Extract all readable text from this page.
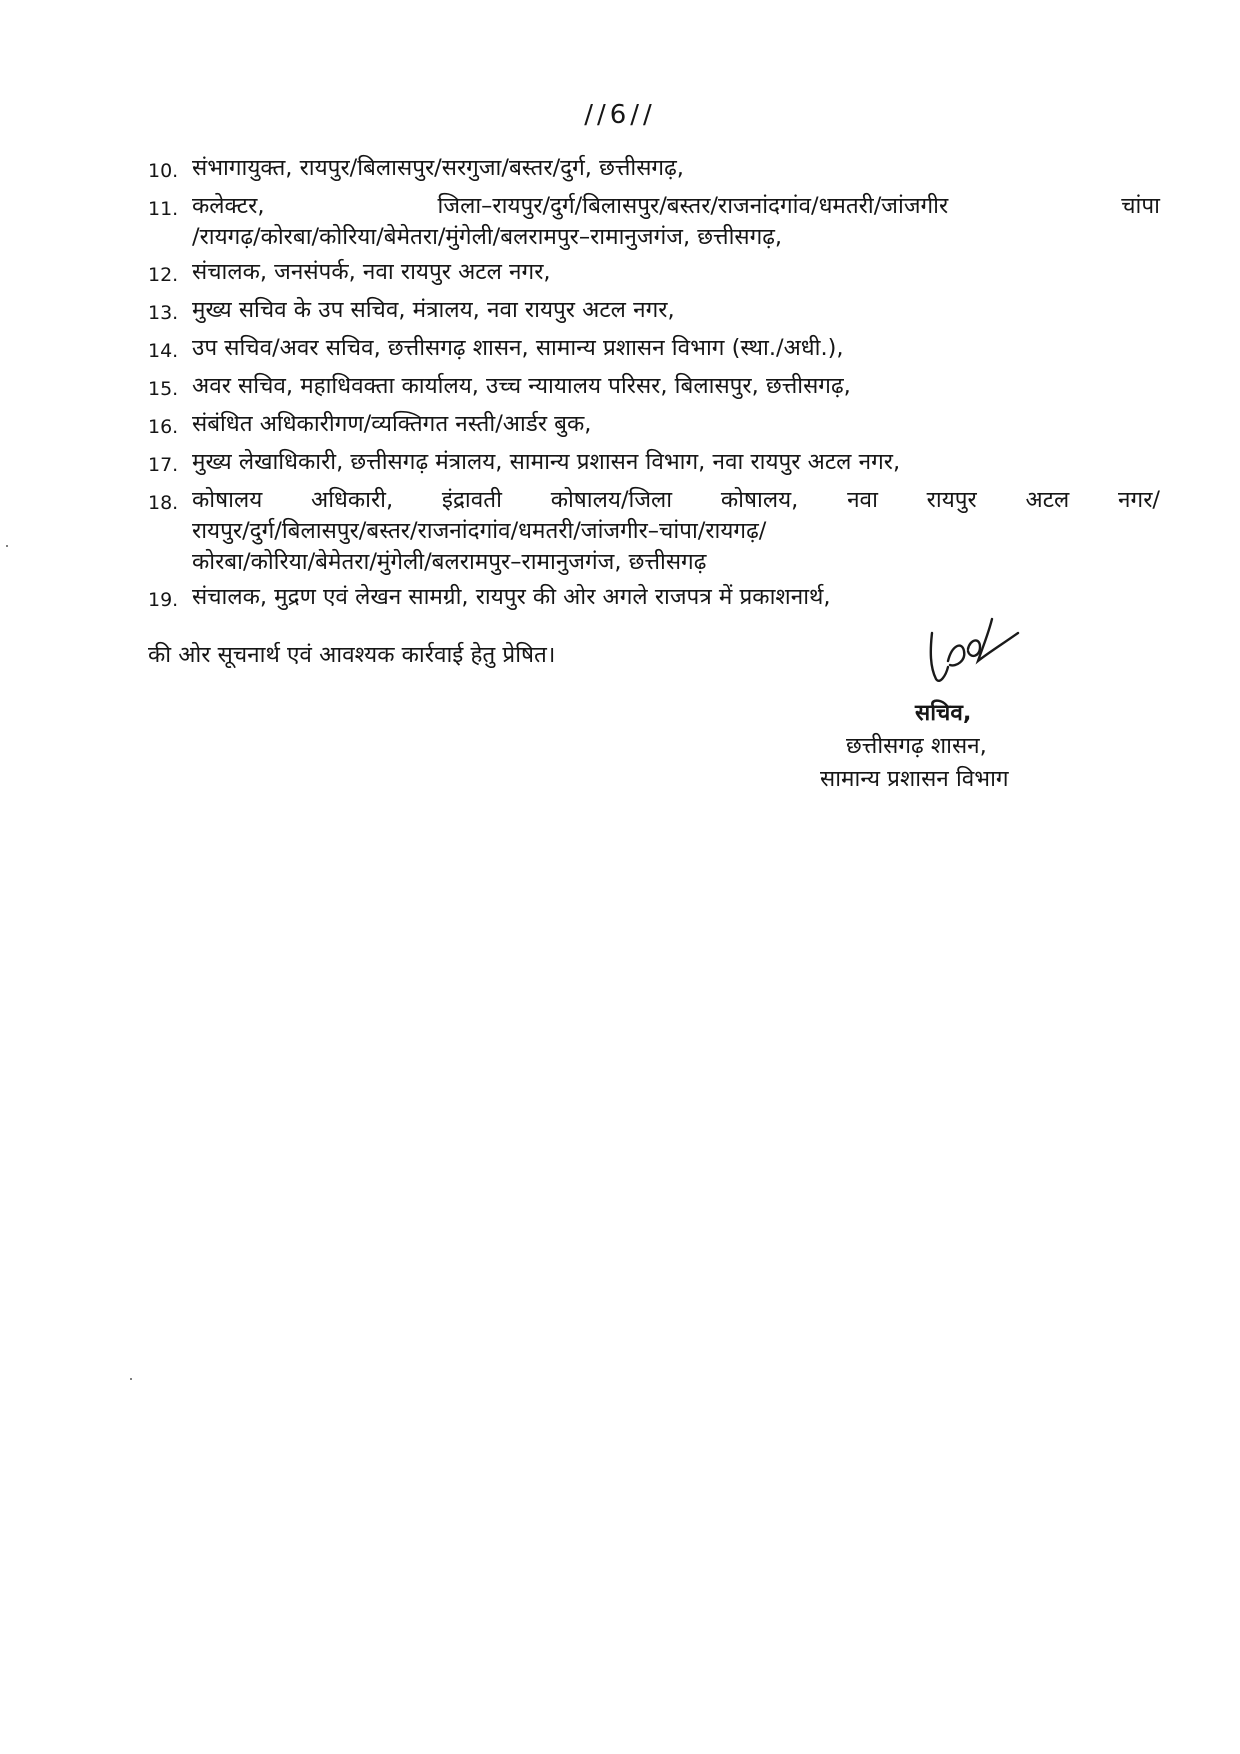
//6//
10. संभागायुक्त, रायपुर/बिलासपुर/सरगुजा/बस्तर/दुर्ग, छत्तीसगढ़,
11. कलेक्टर, जिला–रायपुर/दुर्ग/बिलासपुर/बस्तर/राजनांदगांव/धमतरी/जांजगीर चांपा
/रायगढ़/कोरबा/कोरिया/बेमेतरा/मुंगेली/बलरामपुर–रामानुजगंज, छत्तीसगढ़,
12. संचालक, जनसंपर्क, नवा रायपुर अटल नगर,
13. मुख्य सचिव के उप सचिव, मंत्रालय, नवा रायपुर अटल नगर,
14. उप सचिव/अवर सचिव, छत्तीसगढ़ शासन, सामान्य प्रशासन विभाग (स्था./अधी.),
15. अवर सचिव, महाधिवक्ता कार्यालय, उच्च न्यायालय परिसर, बिलासपुर, छत्तीसगढ़,
16. संबंधित अधिकारीगण/व्यक्तिगत नस्ती/आर्डर बुक,
17. मुख्य लेखाधिकारी, छत्तीसगढ़ मंत्रालय, सामान्य प्रशासन विभाग, नवा रायपुर अटल नगर,
18. कोषालय अधिकारी, इंद्रावती कोषालय/जिला कोषालय, नवा रायपुर अटल नगर/
रायपुर/दुर्ग/बिलासपुर/बस्तर/राजनांदगांव/धमतरी/जांजगीर–चांपा/रायगढ़/
कोरबा/कोरिया/बेमेतरा/मुंगेली/बलरामपुर–रामानुजगंज, छत्तीसगढ़
19. संचालक, मुद्रण एवं लेखन सामग्री, रायपुर की ओर अगले राजपत्र में प्रकाशनार्थ,
की ओर सूचनार्थ एवं आवश्यक कार्रवाई हेतु प्रेषित।
सचिव,
छत्तीसगढ़ शासन,
सामान्य प्रशासन विभाग
